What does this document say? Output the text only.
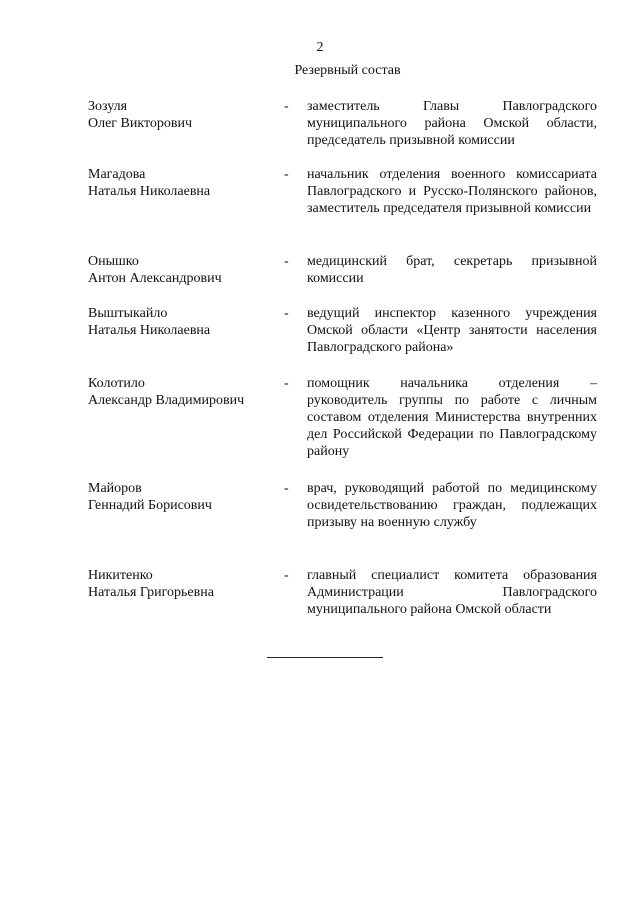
2
Резервный состав
Зозуля
Олег Викторович
- заместитель Главы Павлоградского муниципального района Омской области, председатель призывной комиссии
Магадова
Наталья Николаевна
- начальник отделения военного комиссариата Павлоградского и Русско-Полянского районов, заместитель председателя призывной комиссии
Онышко
Антон Александрович
- медицинский брат, секретарь призывной комиссии
Выштыкайло
Наталья Николаевна
- ведущий инспектор казенного учреждения Омской области «Центр занятости населения Павлоградского района»
Колотило
Александр Владимирович
- помощник начальника отделения – руководитель группы по работе с личным составом отделения Министерства внутренних дел Российской Федерации по Павлоградскому району
Майоров
Геннадий Борисович
- врач, руководящий работой по медицинскому освидетельствованию граждан, подлежащих призыву на военную службу
Никитенко
Наталья Григорьевна
- главный специалист комитета образования Администрации Павлоградского муниципального района Омской области
